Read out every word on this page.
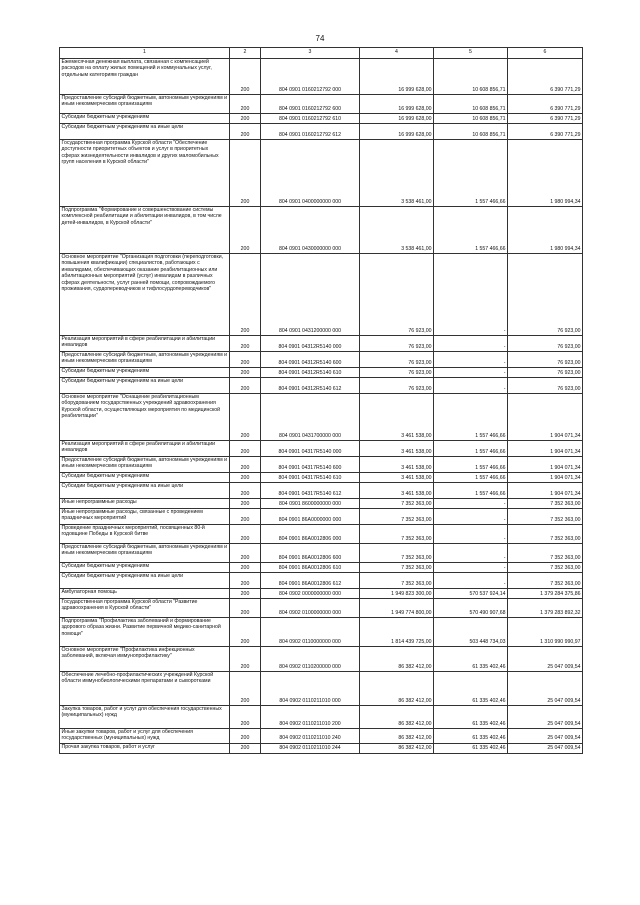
74
1	2	3	4	5	6
Ежемесячная денежная выплата, связанная с компенсацией расходов на оплату жилых помещений и коммунальных услуг, отдельным категориям граждан	200	804 0901 0160212792 000	16 999 628,00	10 608 856,71	6 390 771,29
Предоставление субсидий бюджетным, автономным учреждениям и иным некоммерческим организациям	200	804 0901 0160212792 600	16 999 628,00	10 608 856,71	6 390 771,29
Субсидии бюджетным учреждениям	200	804 0901 0160212792 610	16 999 628,00	10 608 856,71	6 390 771,29
Субсидии бюджетным учреждениям на иные цели	200	804 0901 0160212792 612	16 999 628,00	10 608 856,71	6 390 771,29
Государственная программа Курской области "Обеспечение доступности приоритетных объектов и услуг в приоритетных сферах жизнедеятельности инвалидов и других маломобильных групп населения в Курской области"	200	804 0901 0400000000 000	3 538 461,00	1 557 466,66	1 980 994,34
Подпрограмма "Формирование и совершенствование системы комплексной реабилитации и абилитации инвалидов, в том числе детей-инвалидов, в Курской области"	200	804 0901 0430000000 000	3 538 461,00	1 557 466,66	1 980 994,34
Основное мероприятие "Организация подготовки (переподготовки, повышения квалификации) специалистов, работающих с инвалидами, обеспечивающих оказание реабилитационных или абилитационных мероприятий (услуг) инвалидам в различных сферах деятельности, услуг ранней помощи, сопровождаемого проживания, сурдопереводчиков и тифлосурдопереводчиков"	200	804 0901 0431200000 000	76 923,00	-	76 923,00
Реализация мероприятий в сфере реабилитации и абилитации инвалидов	200	804 0901 04312R5140 000	76 923,00	-	76 923,00
Предоставление субсидий бюджетным, автономным учреждениям и иным некоммерческим организациям	200	804 0901 04312R5140 600	76 923,00	-	76 923,00
Субсидии бюджетным учреждениям	200	804 0901 04312R5140 610	76 923,00	-	76 923,00
Субсидии бюджетным учреждениям на иные цели	200	804 0901 04312R5140 612	76 923,00	-	76 923,00
Основное мероприятие "Оснащение реабилитационным оборудованием государственных учреждений здравоохранения Курской области, осуществляющих мероприятия по медицинской реабилитации"	200	804 0901 0431700000 000	3 461 538,00	1 557 466,66	1 904 071,34
Реализация мероприятий в сфере реабилитации и абилитации инвалидов	200	804 0901 04317R5140 000	3 461 538,00	1 557 466,66	1 904 071,34
Предоставление субсидий бюджетным, автономным учреждениям и иным некоммерческим организациям	200	804 0901 04317R5140 600	3 461 538,00	1 557 466,66	1 904 071,34
Субсидии бюджетным учреждениям	200	804 0901 04317R5140 610	3 461 538,00	1 557 466,66	1 904 071,34
Субсидии бюджетным учреждениям на иные цели	200	804 0901 04317R5140 612	3 461 538,00	1 557 466,66	1 904 071,34
Иные непрограммные расходы	200	804 0901 8600000000 000	7 352 363,00	-	7 352 363,00
Иные непрограммные расходы, связанные с проведением праздничных мероприятий	200	804 0901 86А0000000 000	7 352 363,00	-	7 352 363,00
Проведение праздничных мероприятий, посвященных 80-й годовщине Победы в Курской битве	200	804 0901 86А0012806 000	7 352 363,00	-	7 352 363,00
Предоставление субсидий бюджетным, автономным учреждениям и иным некоммерческим организациям	200	804 0901 86А0012806 600	7 352 363,00	-	7 352 363,00
Субсидии бюджетным учреждениям	200	804 0901 86А0012806 610	7 352 363,00	-	7 352 363,00
Субсидии бюджетным учреждениям на иные цели	200	804 0901 86А0012806 612	7 352 363,00	-	7 352 363,00
Амбулаторная помощь	200	804 0902 0000000000 000	1 949 823 300,00	570 537 924,14	1 379 284 375,86
Государственная программа Курской области "Развитие здравоохранения в Курской области"	200	804 0902 0100000000 000	1 949 774 800,00	570 490 907,68	1 379 283 892,32
Подпрограмма "Профилактика заболеваний и формирование здорового образа жизни. Развитие первичной медико-санитарной помощи"	200	804 0902 0110000000 000	1 814 439 725,00	503 448 734,03	1 310 990 990,97
Основное мероприятие "Профилактика инфекционных заболеваний, включая иммунопрофилактику"	200	804 0902 0110200000 000	86 382 412,00	61 335 402,46	25 047 009,54
Обеспечение лечебно-профилактических учреждений Курской области иммунобиологическими препаратами и сыворотками	200	804 0902 0110211010 000	86 382 412,00	61 335 402,46	25 047 009,54
Закупка товаров, работ и услуг для обеспечения государственных (муниципальных) нужд	200	804 0902 0110211010 200	86 382 412,00	61 335 402,46	25 047 009,54
Иные закупки товаров, работ и услуг для обеспечения государственных (муниципальных) нужд	200	804 0902 0110211010 240	86 382 412,00	61 335 402,46	25 047 009,54
Прочая закупка товаров, работ и услуг	200	804 0902 0110211010 244	86 382 412,00	61 335 402,46	25 047 009,54
